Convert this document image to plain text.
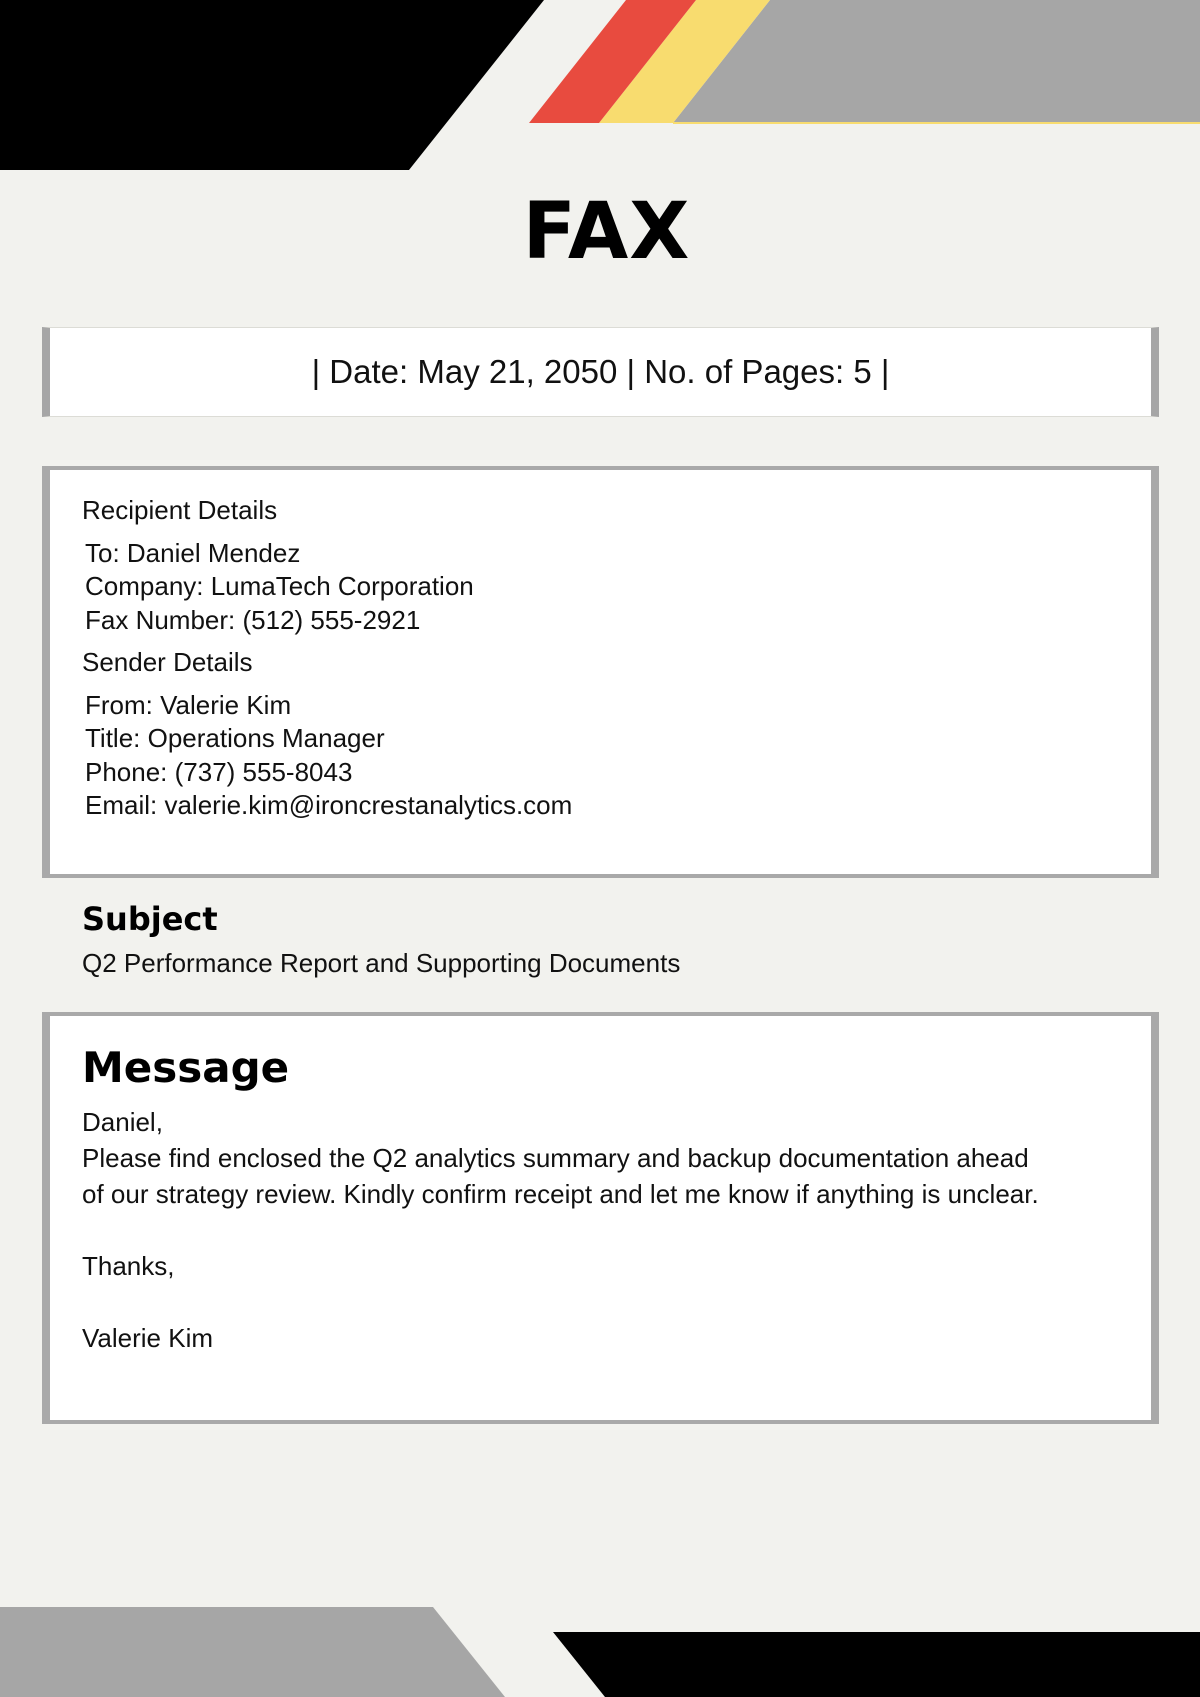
FAX
| Date: May 21, 2050 | No. of Pages: 5 |
Recipient Details
To: Daniel Mendez
Company: LumaTech Corporation
Fax Number: (512) 555-2921
Sender Details
From: Valerie Kim
Title: Operations Manager
Phone: (737) 555-8043
Email: valerie.kim@ironcrestanalytics.com
Subject
Q2 Performance Report and Supporting Documents
Message

Daniel,

Please find enclosed the Q2 analytics summary and backup documentation ahead

of our strategy review. Kindly confirm receipt and let me know if anything is unclear.

Thanks,

Valerie Kim
